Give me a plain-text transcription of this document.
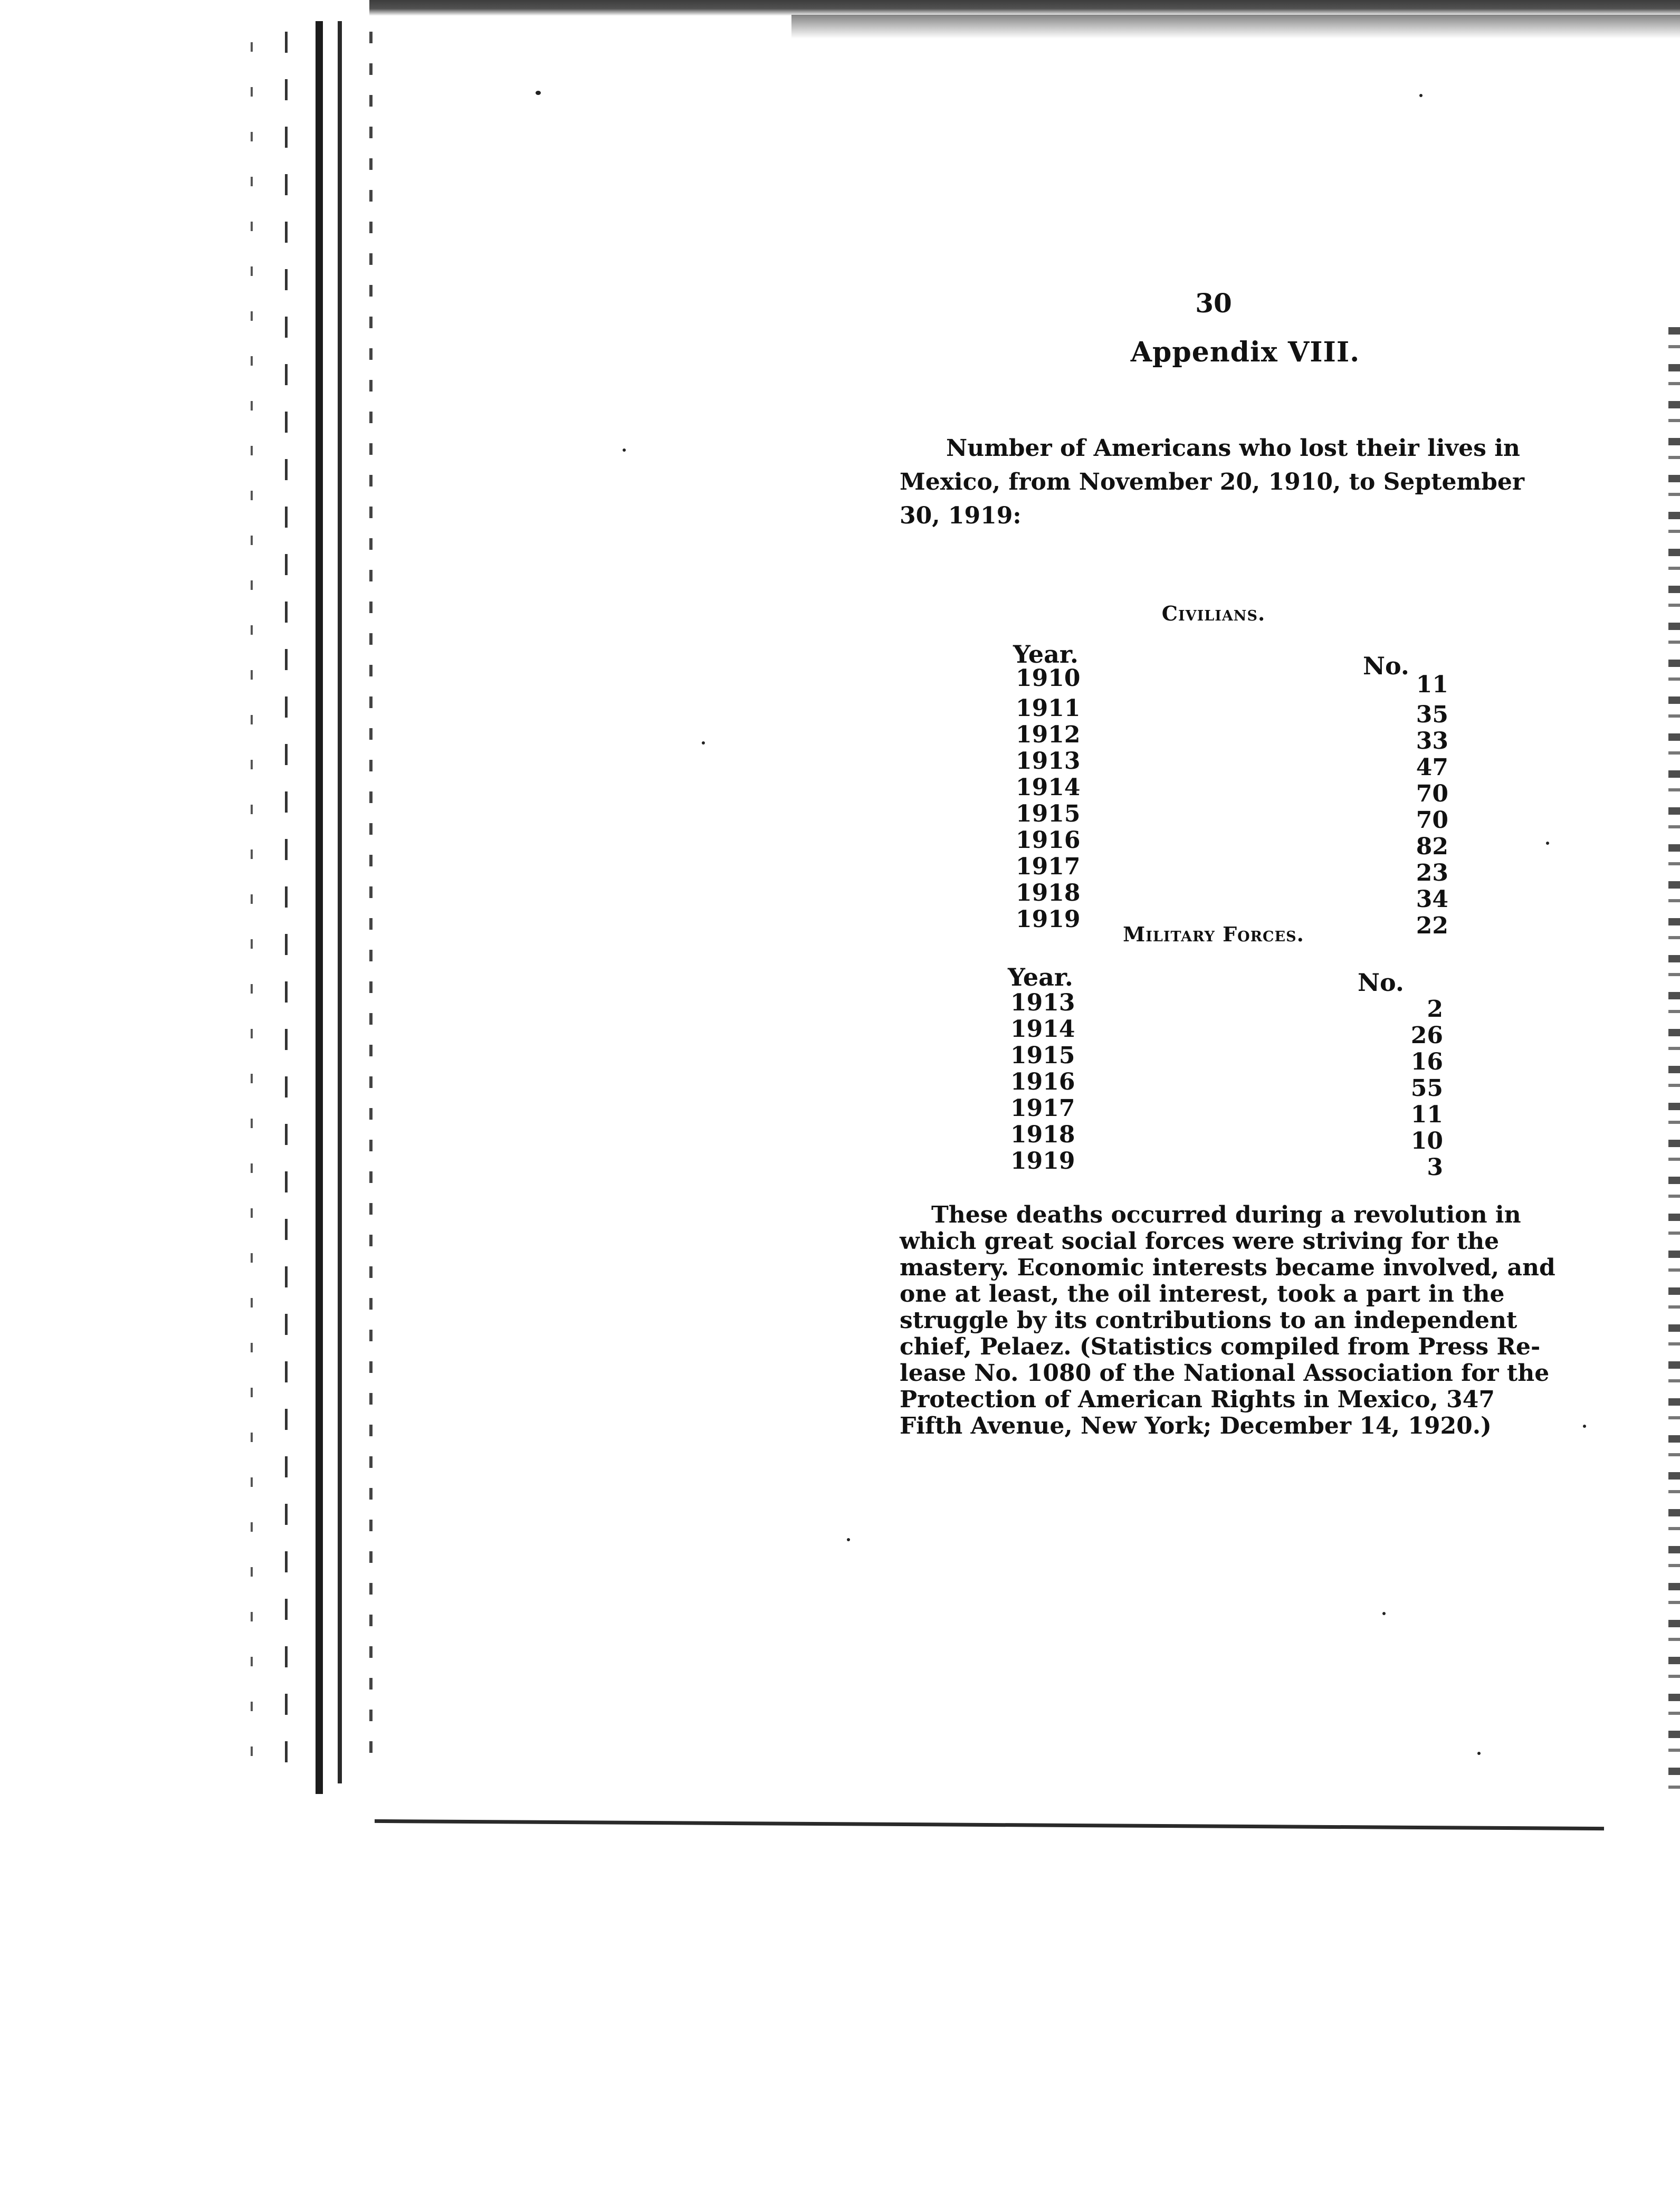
30
Appendix VIII.
Number of Americans who lost their lives in
Mexico, from November 20, 1910, to September
30, 1919:
Civilians.
Year.	No.
1910	11
1911	35
1912	33
1913	47
1914	70
1915	70
1916	82
1917	23
1918	34
1919	22
Military Forces.
Year.	No.
1913	2
1914	26
1915	16
1916	55
1917	11
1918	10
1919	3
These deaths occurred during a revolution in
which great social forces were striving for the
mastery. Economic interests became involved, and
one at least, the oil interest, took a part in the
struggle by its contributions to an independent
chief, Pelaez. (Statistics compiled from Press Re-
lease No. 1080 of the National Association for the
Protection of American Rights in Mexico, 347
Fifth Avenue, New York; December 14, 1920.)
